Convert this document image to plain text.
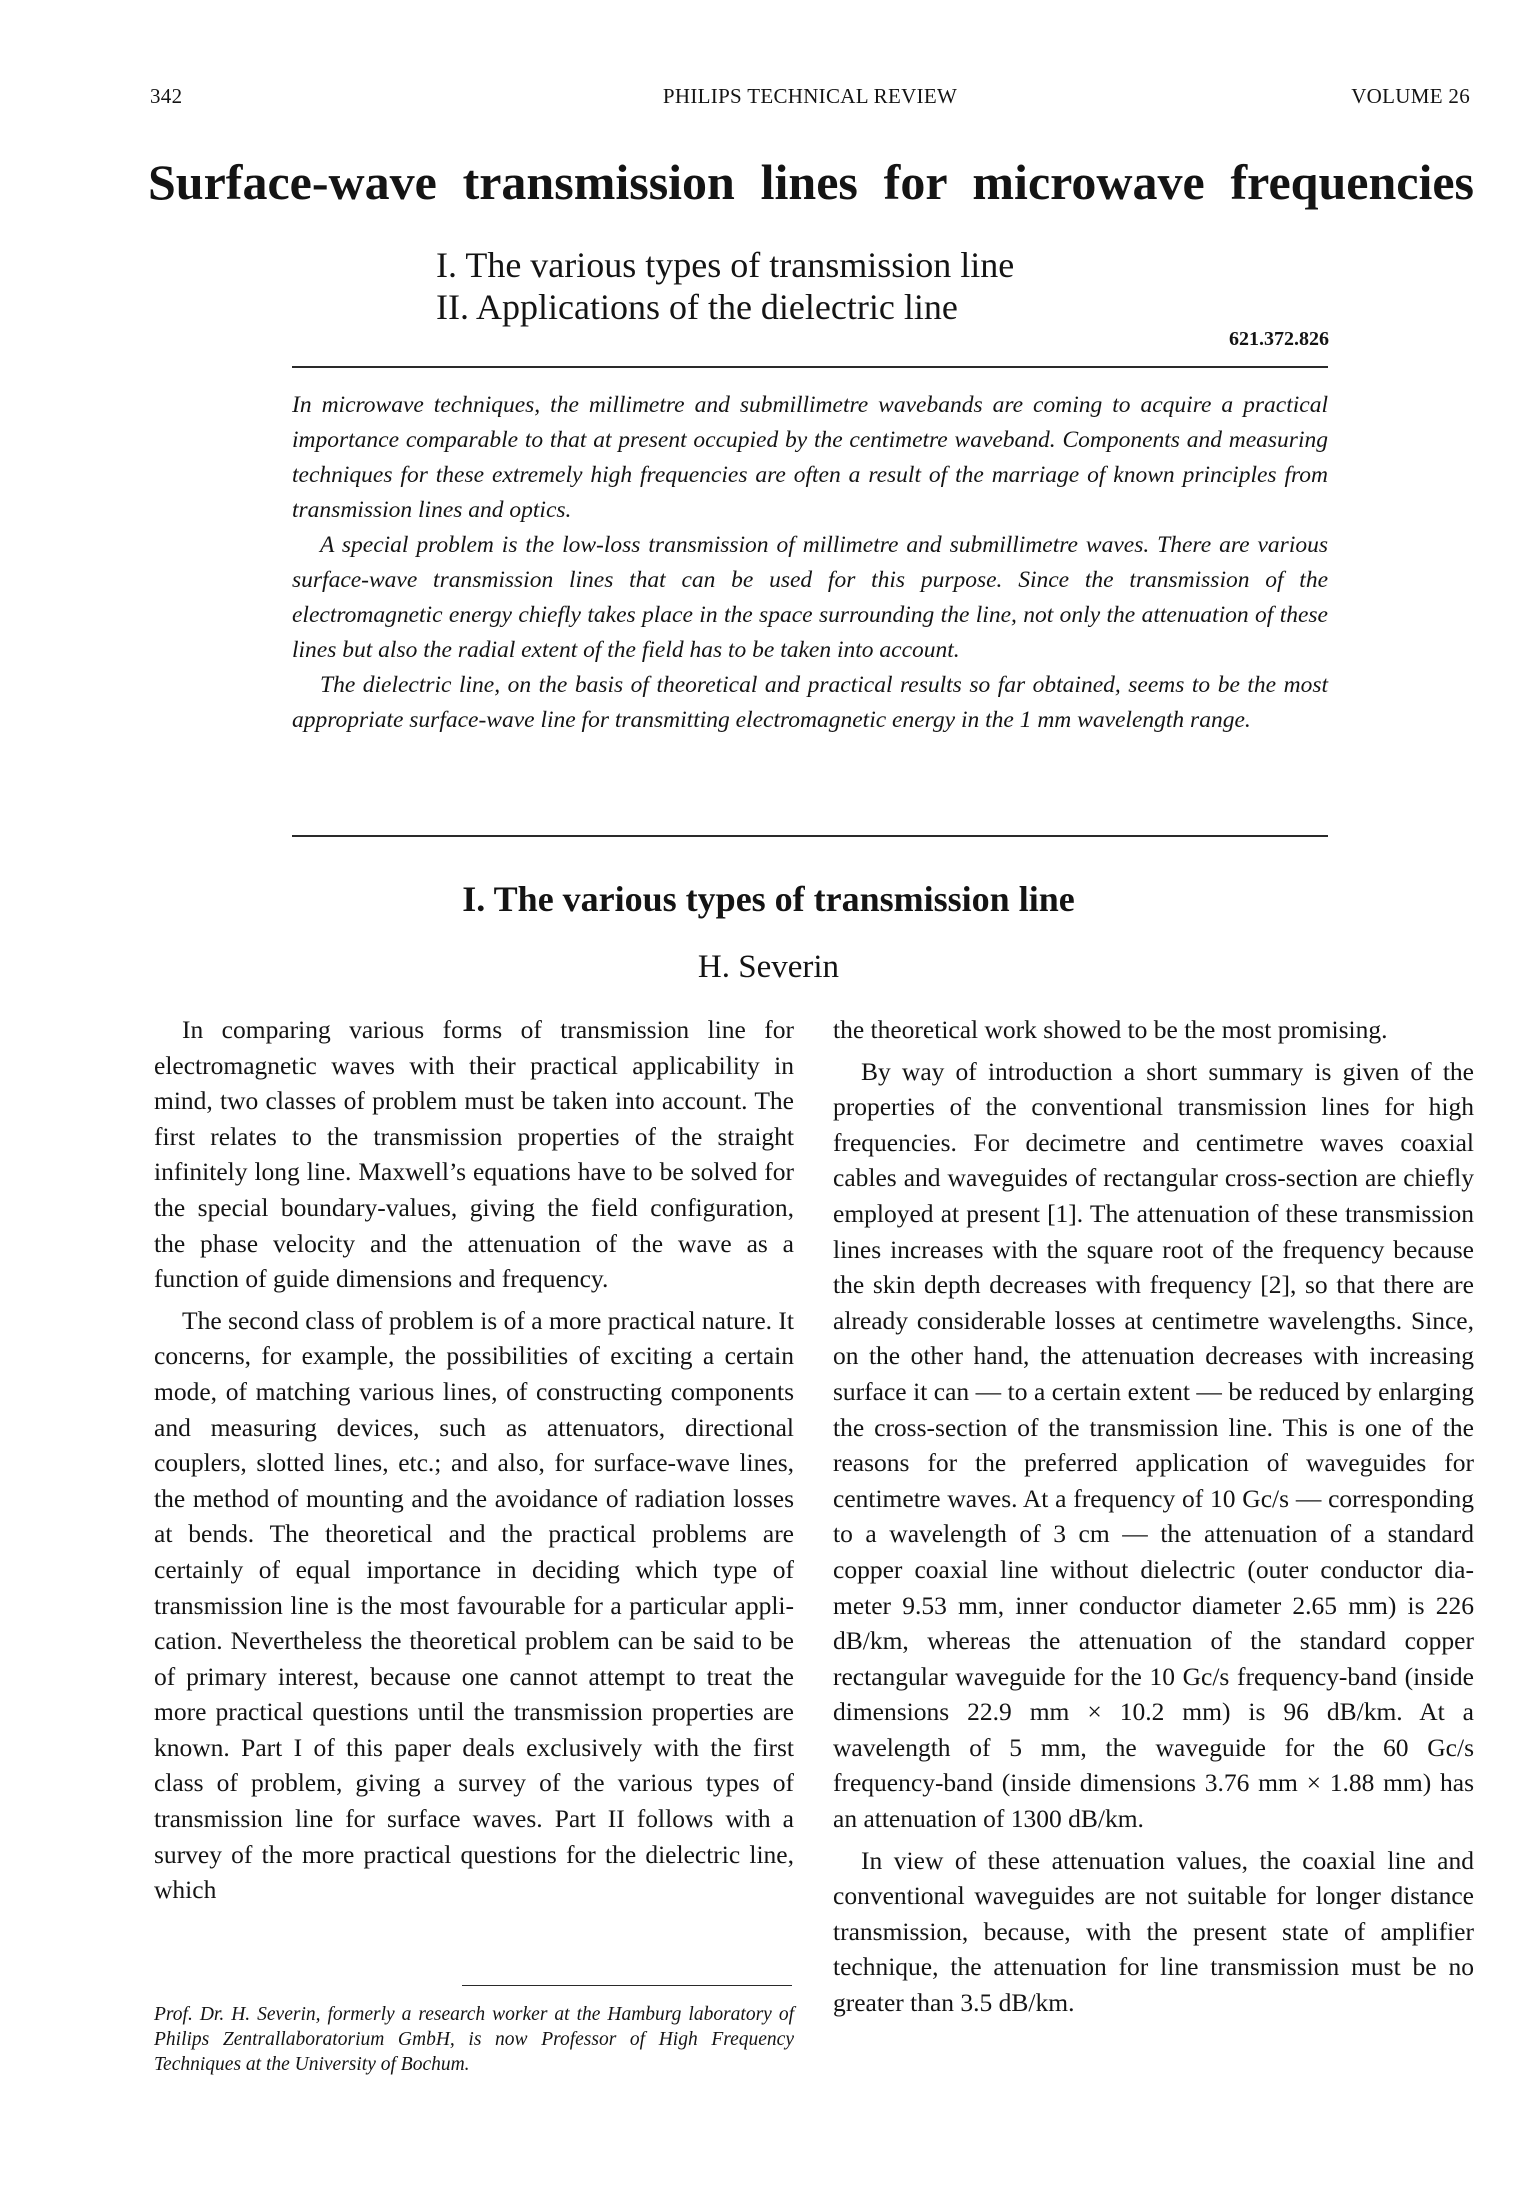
342	PHILIPS TECHNICAL REVIEW	VOLUME 26
Surface-wave transmission lines for microwave frequencies
I. The various types of transmission line
II. Applications of the dielectric line
621.372.826

In microwave techniques, the millimetre and submillimetre wavebands are coming to acquire a practical importance comparable to that at present occupied by the centimetre waveband. Components and measuring techniques for these extremely high frequencies are often a result of the marriage of known principles from transmission lines and optics.

A special problem is the low-loss transmission of millimetre and submillimetre waves. There are various surface-wave transmission lines that can be used for this purpose. Since the transmission of the electromagnetic energy chiefly takes place in the space surrounding the line, not only the attenuation of these lines but also the radial extent of the field has to be taken into account.

The dielectric line, on the basis of theoretical and practical results so far obtained, seems to be the most appropriate surface-wave line for transmitting electromagnetic energy in the 1 mm wavelength range.

I. The various types of transmission line
H. Severin

In comparing various forms of transmission line for electromagnetic waves with their practical applicability in mind, two classes of problem must be taken into account. The first relates to the transmission properties of the straight infinitely long line. Maxwell’s equations have to be solved for the special boundary-values, giving the field configuration, the phase velocity and the attenuation of the wave as a function of guide dimensions and frequency.

The second class of problem is of a more practical nature. It concerns, for example, the possibilities of exciting a certain mode, of matching various lines, of constructing components and measuring devices, such as attenuators, directional couplers, slotted lines, etc.; and also, for surface-wave lines, the method of mounting and the avoidance of radiation losses at bends. The theoretical and the practical problems are certainly of equal importance in deciding which type of transmission line is the most favourable for a particular application. Nevertheless the theoretical problem can be said to be of primary interest, because one cannot attempt to treat the more practical questions until the transmission properties are known. Part I of this paper deals exclusively with the first class of problem, giving a survey of the various types of transmission line for surface waves. Part II follows with a survey of the more practical questions for the dielectric line, which

the theoretical work showed to be the most promising.

By way of introduction a short summary is given of the properties of the conventional transmission lines for high frequencies. For decimetre and centimetre waves coaxial cables and waveguides of rectangular cross-section are chiefly employed at present [1]. The attenuation of these transmission lines increases with the square root of the frequency because the skin depth decreases with frequency [2], so that there are already considerable losses at centimetre wavelengths. Since, on the other hand, the attenuation decreases with increasing surface it can — to a certain extent — be reduced by enlarging the cross-section of the transmission line. This is one of the reasons for the preferred application of waveguides for centimetre waves. At a frequency of 10 Gc/s — corresponding to a wavelength of 3 cm — the attenuation of a standard copper coaxial line without dielectric (outer conductor diameter 9.53 mm, inner conductor diameter 2.65 mm) is 226 dB/km, whereas the attenuation of the standard copper rectangular waveguide for the 10 Gc/s frequency-band (inside dimensions 22.9 mm × 10.2 mm) is 96 dB/km. At a wavelength of 5 mm, the waveguide for the 60 Gc/s frequency-band (inside dimensions 3.76 mm × 1.88 mm) has an attenuation of 1300 dB/km.

In view of these attenuation values, the coaxial line and conventional waveguides are not suitable for longer distance transmission, because, with the present state of amplifier technique, the attenuation for line transmission must be no greater than 3.5 dB/km.

Prof. Dr. H. Severin, formerly a research worker at the Hamburg laboratory of Philips Zentrallaboratorium GmbH, is now Professor of High Frequency Techniques at the University of Bochum.
